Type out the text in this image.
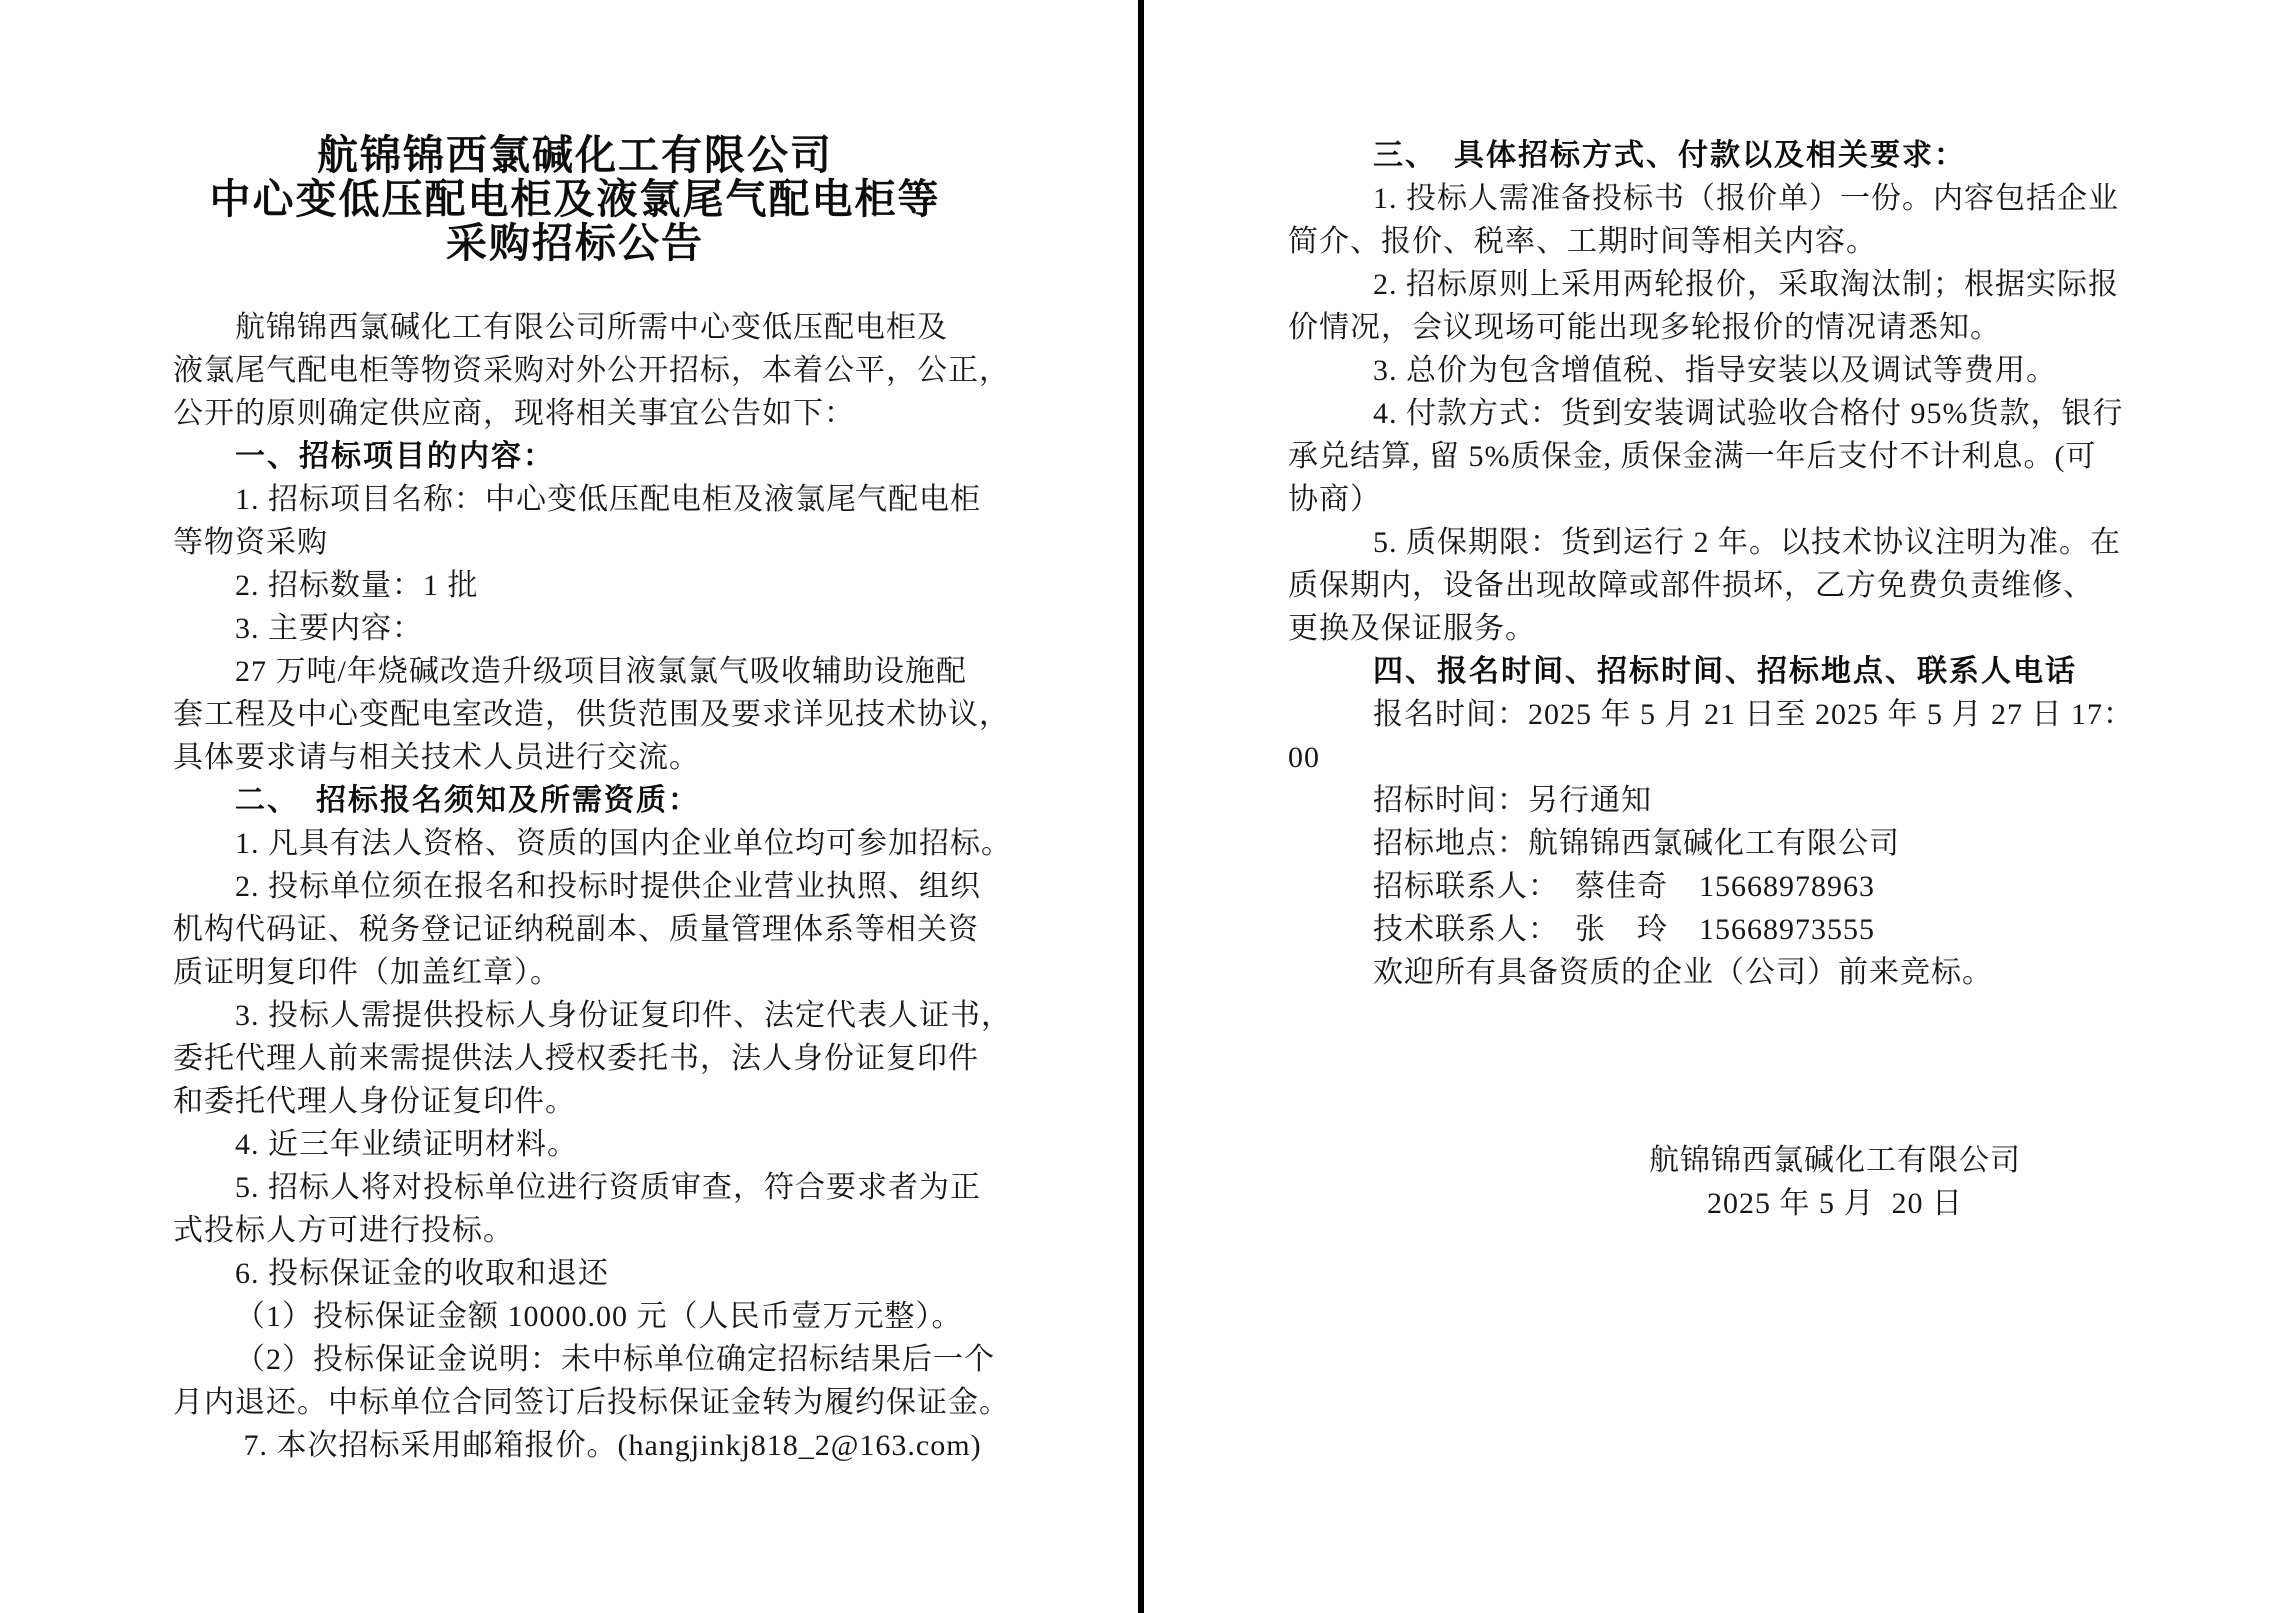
航锦锦西氯碱化工有限公司
中心变低压配电柜及液氯尾气配电柜等
采购招标公告
航锦锦西氯碱化工有限公司所需中心变低压配电柜及
液氯尾气配电柜等物资采购对外公开招标，本着公平，公正，
公开的原则确定供应商，现将相关事宜公告如下：
一、招标项目的内容：
1. 招标项目名称：中心变低压配电柜及液氯尾气配电柜
等物资采购
2. 招标数量：1 批
3. 主要内容：
27 万吨/年烧碱改造升级项目液氯氯气吸收辅助设施配
套工程及中心变配电室改造，供货范围及要求详见技术协议，
具体要求请与相关技术人员进行交流。
二、　招标报名须知及所需资质：
1. 凡具有法人资格、资质的国内企业单位均可参加招标。
2. 投标单位须在报名和投标时提供企业营业执照、组织
机构代码证、税务登记证纳税副本、质量管理体系等相关资
质证明复印件（加盖红章）。
3. 投标人需提供投标人身份证复印件、法定代表人证书，
委托代理人前来需提供法人授权委托书，法人身份证复印件
和委托代理人身份证复印件。
4. 近三年业绩证明材料。
5. 招标人将对投标单位进行资质审查，符合要求者为正
式投标人方可进行投标。
6. 投标保证金的收取和退还
（1）投标保证金额 10000.00 元（人民币壹万元整）。
（2）投标保证金说明：未中标单位确定招标结果后一个
月内退还。中标单位合同签订后投标保证金转为履约保证金。
7. 本次招标采用邮箱报价。(hangjinkj818_2@163.com)
三、　具体招标方式、付款以及相关要求：
1. 投标人需准备投标书（报价单）一份。内容包括企业
简介、报价、税率、工期时间等相关内容。
2. 招标原则上采用两轮报价，采取淘汰制；根据实际报
价情况，会议现场可能出现多轮报价的情况请悉知。
3. 总价为包含增值税、指导安装以及调试等费用。
4. 付款方式：货到安装调试验收合格付 95%货款，银行
承兑结算, 留 5%质保金, 质保金满一年后支付不计利息。(可
协商）
5. 质保期限：货到运行 2 年。以技术协议注明为准。在
质保期内，设备出现故障或部件损坏，乙方免费负责维修、
更换及保证服务。
四、报名时间、招标时间、招标地点、联系人电话
报名时间：2025 年 5 月 21 日至 2025 年 5 月 27 日 17：
00
招标时间：另行通知
招标地点：航锦锦西氯碱化工有限公司
招标联系人：　蔡佳奇　15668978963
技术联系人：　张　玲　15668973555
欢迎所有具备资质的企业（公司）前来竞标。
航锦锦西氯碱化工有限公司
2025 年 5 月  20 日
